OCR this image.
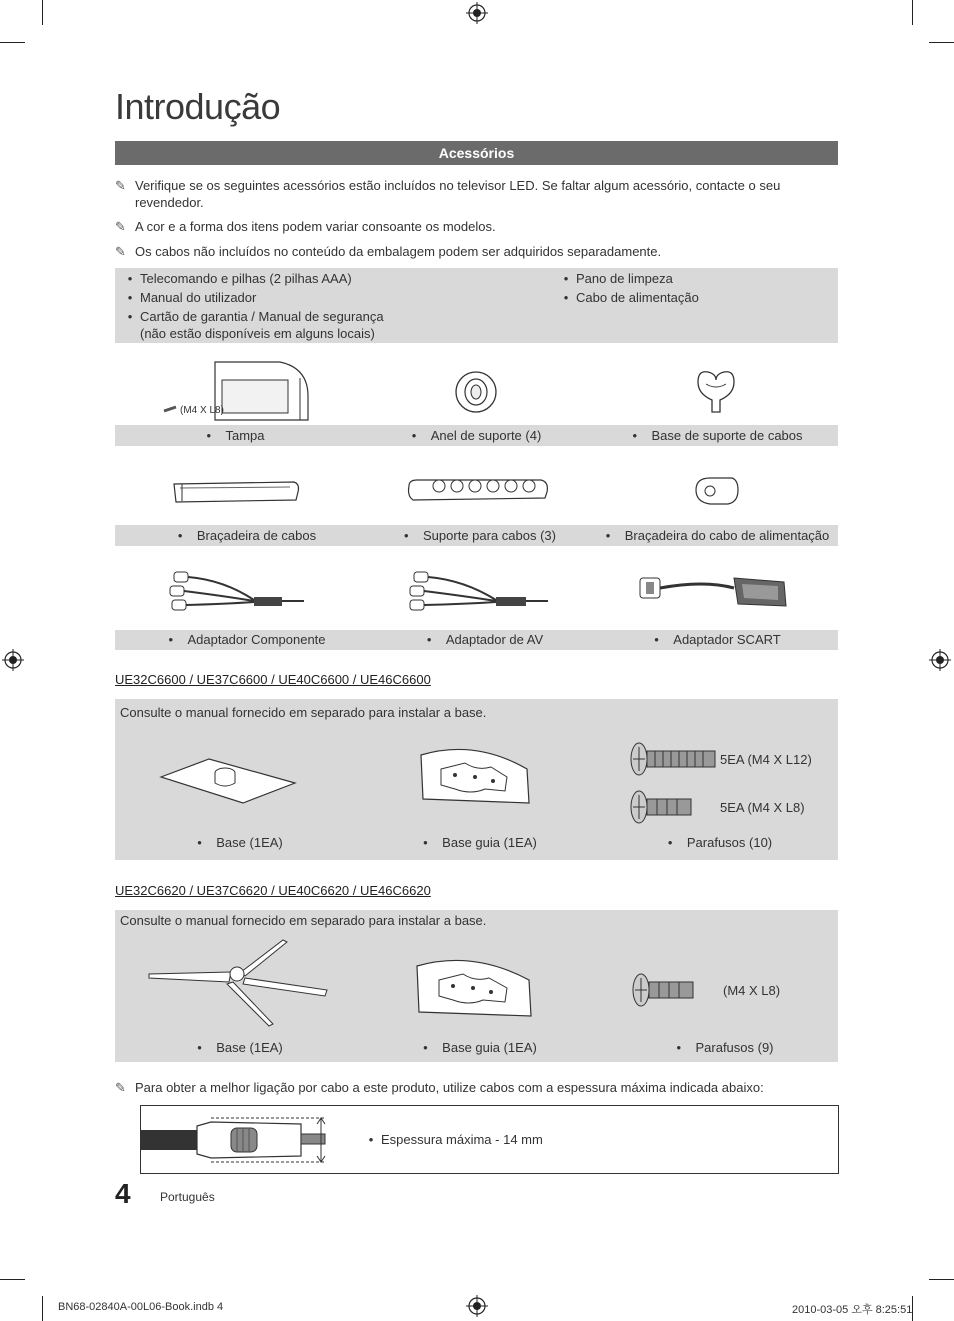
Introdução
Acessórios
✎ Verifique se os seguintes acessórios estão incluídos no televisor LED. Se faltar algum acessório, contacte o seu revendedor.
✎ A cor e a forma dos itens podem variar consoante os modelos.
✎ Os cabos não incluídos no conteúdo da embalagem podem ser adquiridos separadamente.
• Telecomando e pilhas (2 pilhas AAA)
• Manual do utilizador
• Cartão de garantia / Manual de segurança
(não estão disponíveis em alguns locais)
• Pano de limpeza
• Cabo de alimentação
(M4 X L8)
• Tampa	• Anel de suporte (4)	• Base de suporte de cabos
• Braçadeira de cabos	• Suporte para cabos (3)	• Braçadeira do cabo de alimentação
• Adaptador Componente	• Adaptador de AV	• Adaptador SCART
UE32C6600 / UE37C6600 / UE40C6600 / UE46C6600
Consulte o manual fornecido em separado para instalar a base.
5EA (M4 X L12)
5EA (M4 X L8)
• Base (1EA)	• Base guia (1EA)	• Parafusos (10)
UE32C6620 / UE37C6620 / UE40C6620 / UE46C6620
Consulte o manual fornecido em separado para instalar a base.
(M4 X L8)
• Base (1EA)	• Base guia (1EA)	• Parafusos (9)
✎ Para obter a melhor ligação por cabo a este produto, utilize cabos com a espessura máxima indicada abaixo:
• Espessura máxima - 14 mm
4 Português
BN68-02840A-00L06-Book.indb 4	2010-03-05 오후 8:25:51
